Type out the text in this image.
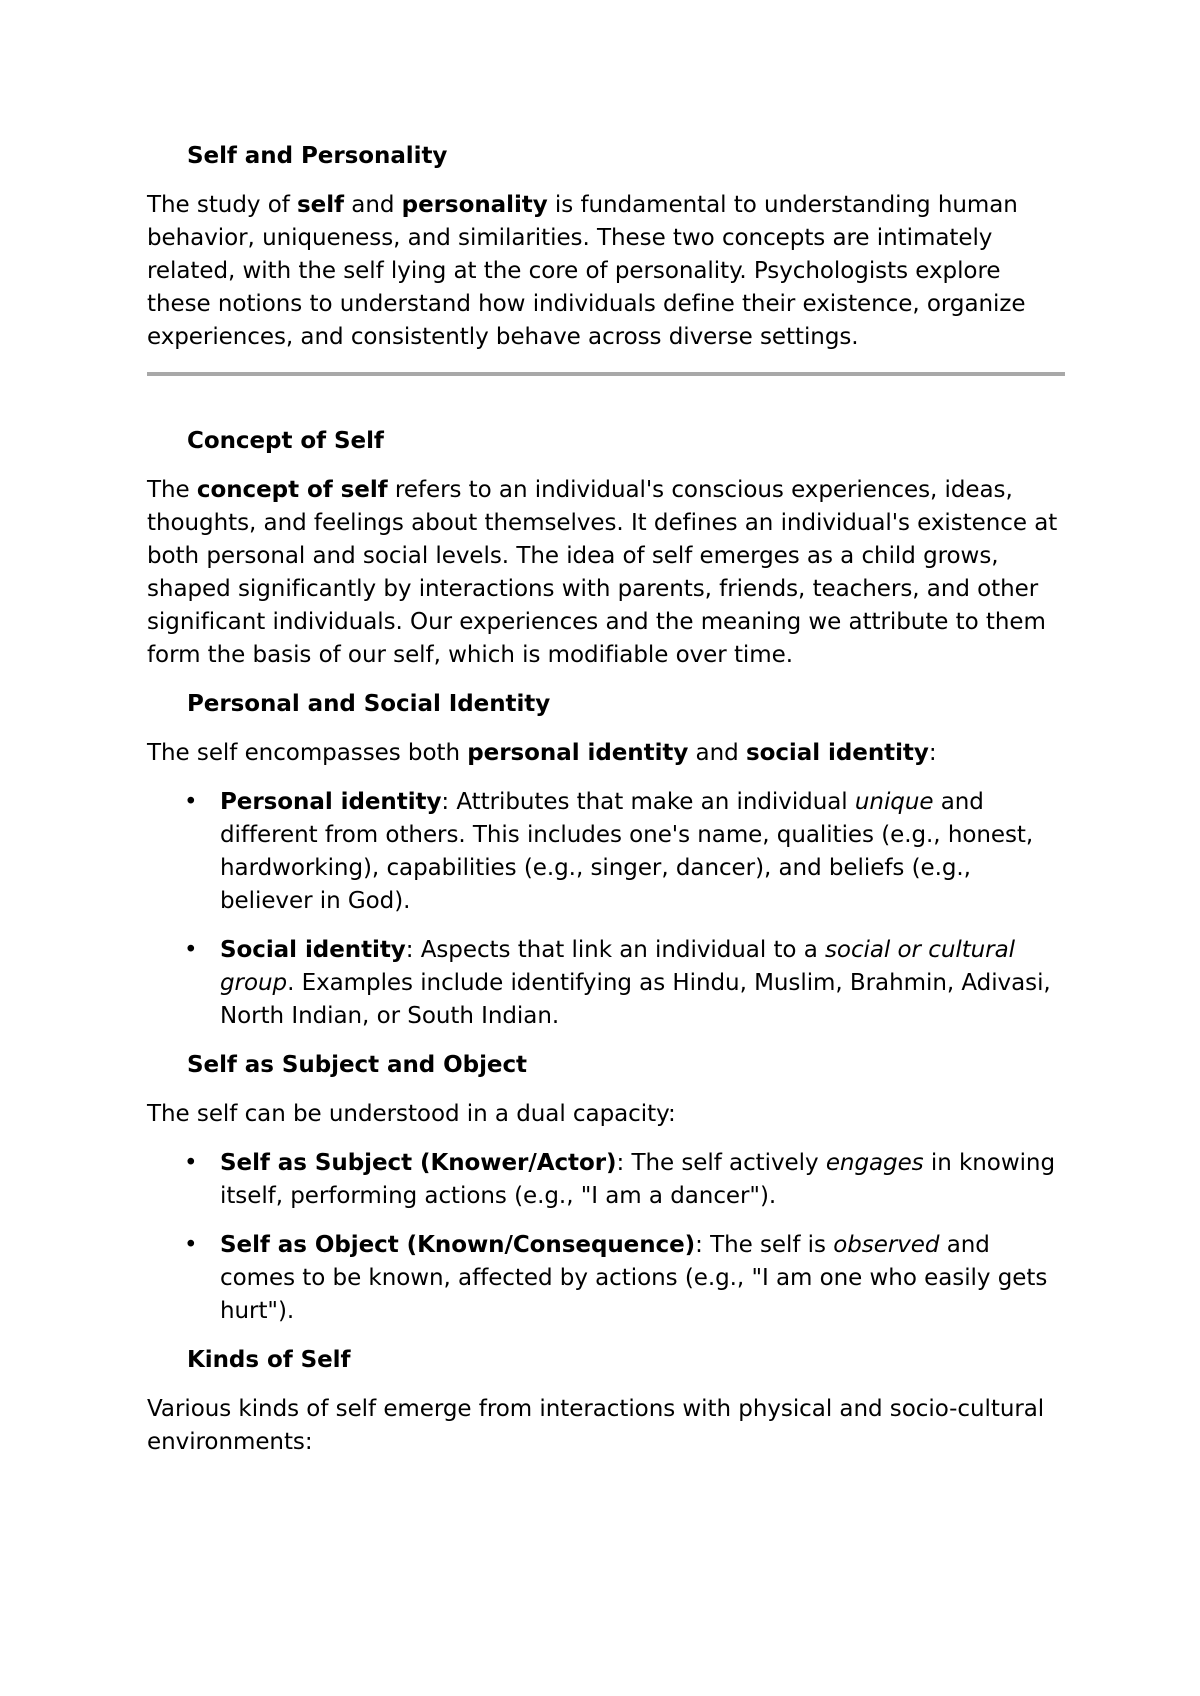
Self and Personality

The study of self and personality is fundamental to understanding human behavior, uniqueness, and similarities. These two concepts are intimately related, with the self lying at the core of personality. Psychologists explore these notions to understand how individuals define their existence, organize experiences, and consistently behave across diverse settings.

Concept of Self

The concept of self refers to an individual's conscious experiences, ideas, thoughts, and feelings about themselves. It defines an individual's existence at both personal and social levels. The idea of self emerges as a child grows, shaped significantly by interactions with parents, friends, teachers, and other significant individuals. Our experiences and the meaning we attribute to them form the basis of our self, which is modifiable over time.

Personal and Social Identity

The self encompasses both personal identity and social identity:

• Personal identity: Attributes that make an individual unique and different from others. This includes one's name, qualities (e.g., honest, hardworking), capabilities (e.g., singer, dancer), and beliefs (e.g., believer in God).
• Social identity: Aspects that link an individual to a social or cultural group. Examples include identifying as Hindu, Muslim, Brahmin, Adivasi, North Indian, or South Indian.
Self as Subject and Object

The self can be understood in a dual capacity:

• Self as Subject (Knower/Actor): The self actively engages in knowing itself, performing actions (e.g., "I am a dancer").
• Self as Object (Known/Consequence): The self is observed and comes to be known, affected by actions (e.g., "I am one who easily gets hurt").
Kinds of Self

Various kinds of self emerge from interactions with physical and socio-cultural environments:
